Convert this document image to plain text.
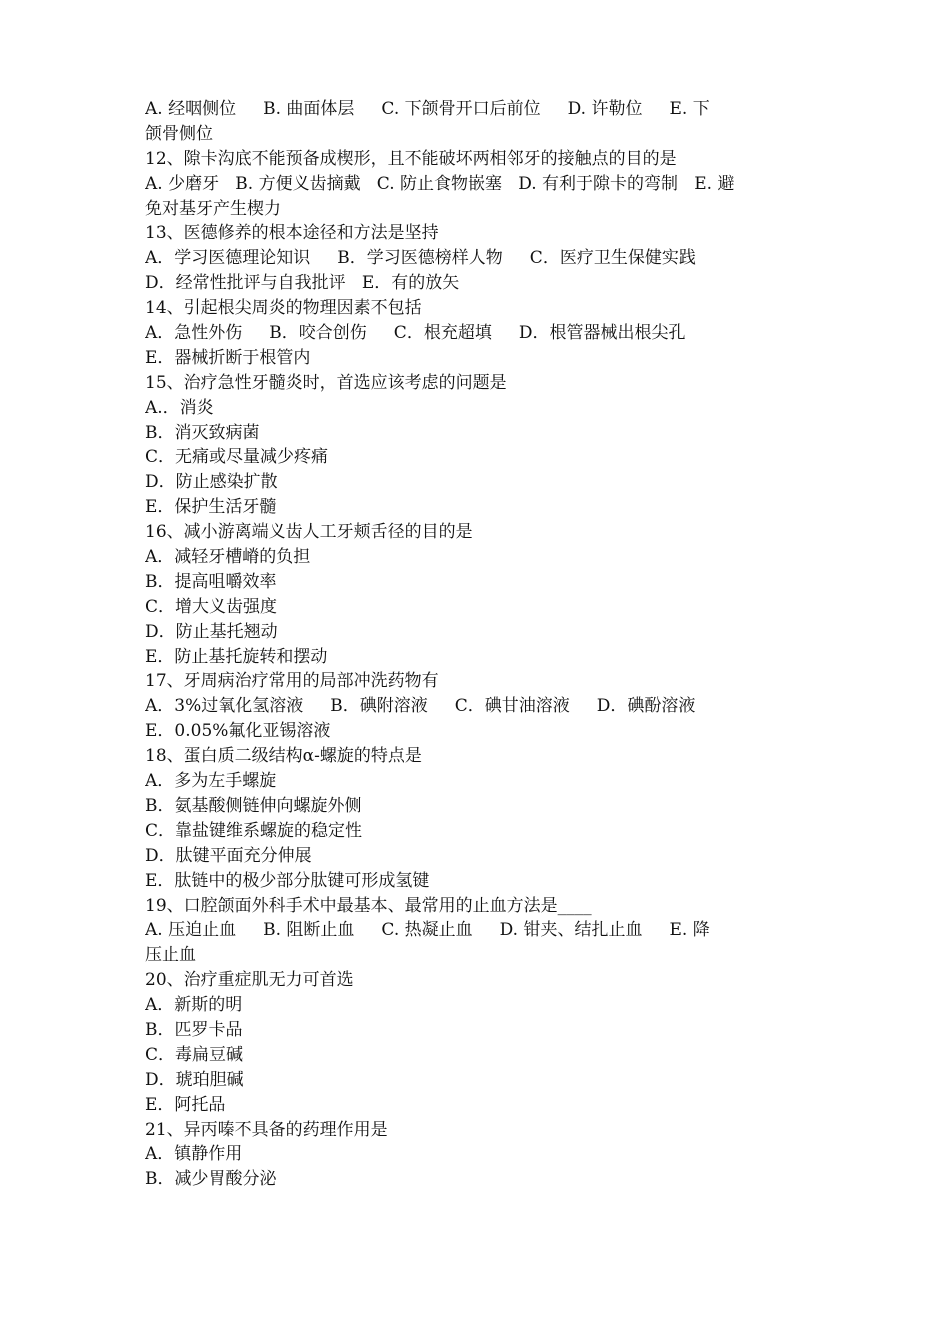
A. 经咽侧位     B. 曲面体层     C. 下颌骨开口后前位     D. 许勒位     E. 下
颌骨侧位
12、隙卡沟底不能预备成楔形，且不能破坏两相邻牙的接触点的目的是
A. 少磨牙   B. 方便义齿摘戴   C. 防止食物嵌塞   D. 有利于隙卡的弯制   E. 避
免对基牙产生楔力
13、医德修养的根本途径和方法是坚持
A．学习医德理论知识     B．学习医德榜样人物     C．医疗卫生保健实践
D．经常性批评与自我批评   E．有的放矢
14、引起根尖周炎的物理因素不包括
A．急性外伤     B．咬合创伤     C．根充超填     D．根管器械出根尖孔
E．器械折断于根管内
15、治疗急性牙髓炎时，首选应该考虑的问题是
A.．消炎
B．消灭致病菌
C．无痛或尽量减少疼痛
D．防止感染扩散
E．保护生活牙髓
16、减小游离端义齿人工牙颊舌径的目的是
A．减轻牙槽嵴的负担
B．提高咀嚼效率
C．增大义齿强度
D．防止基托翘动
E．防止基托旋转和摆动
17、牙周病治疗常用的局部冲洗药物有
A．3%过氧化氢溶液     B．碘附溶液     C．碘甘油溶液     D．碘酚溶液
E．0.05%氟化亚锡溶液
18、蛋白质二级结构α-螺旋的特点是
A．多为左手螺旋
B．氨基酸侧链伸向螺旋外侧
C．靠盐键维系螺旋的稳定性
D．肽键平面充分伸展
E．肽链中的极少部分肽键可形成氢键
19、口腔颌面外科手术中最基本、最常用的止血方法是____
A. 压迫止血     B. 阻断止血     C. 热凝止血     D. 钳夹、结扎止血     E. 降
压止血
20、治疗重症肌无力可首选
A．新斯的明
B．匹罗卡品
C．毒扁豆碱
D．琥珀胆碱
E．阿托品
21、异丙嗪不具备的药理作用是
A．镇静作用
B．减少胃酸分泌
